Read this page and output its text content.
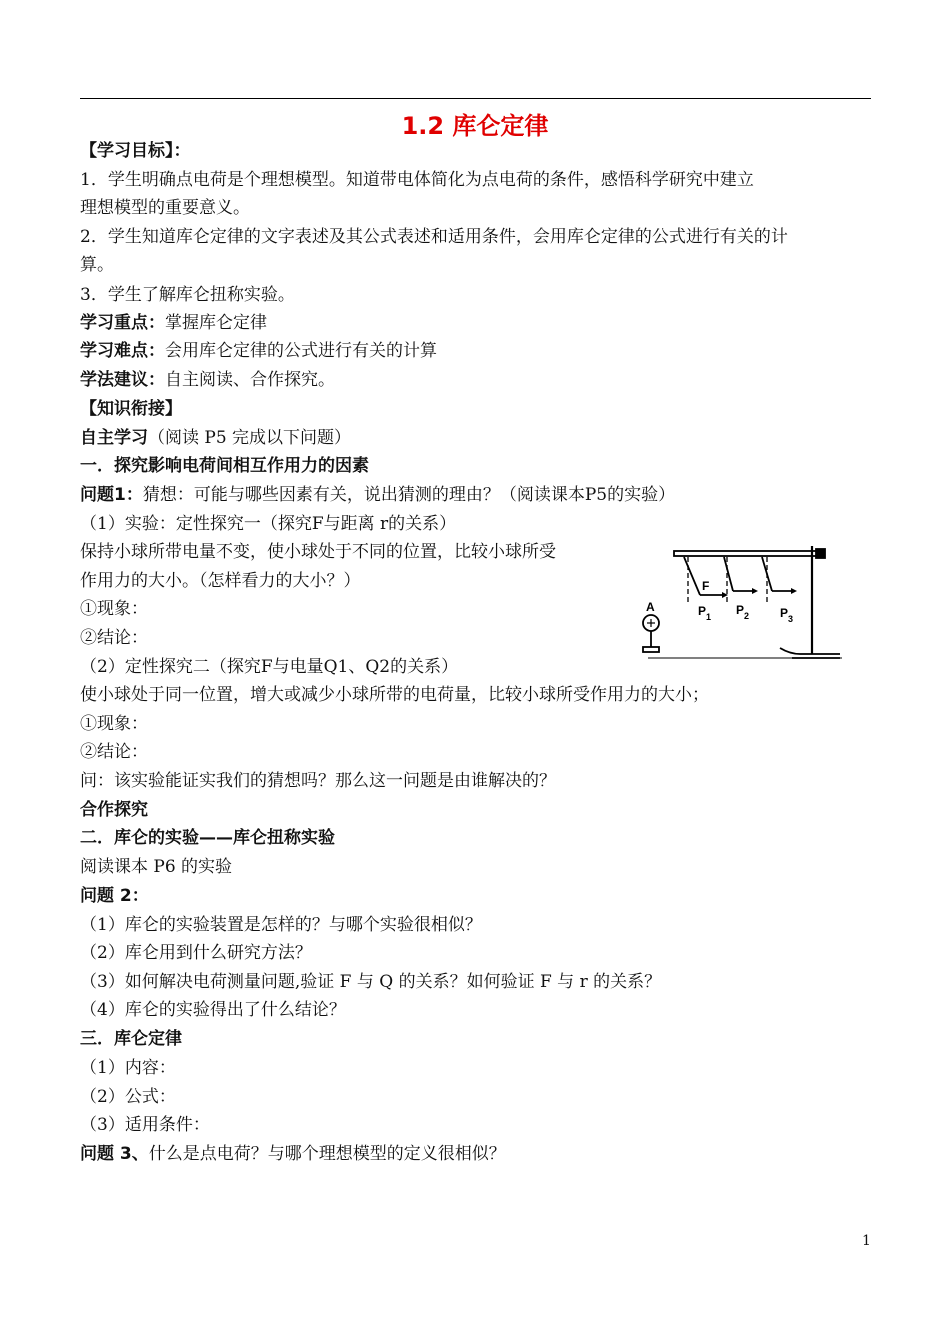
1.2 库仑定律
【学习目标】：
1．学生明确点电荷是个理想模型。知道带电体简化为点电荷的条件，感悟科学研究中建立
理想模型的重要意义。
2．学生知道库仑定律的文字表述及其公式表述和适用条件，会用库仑定律的公式进行有关的计
算。
3．学生了解库仑扭称实验。
学习重点：掌握库仑定律
学习难点：会用库仑定律的公式进行有关的计算
学法建议：自主阅读、合作探究。
【知识衔接】
自主学习（阅读 P5 完成以下问题）
一．探究影响电荷间相互作用力的因素
问题1：猜想：可能与哪些因素有关，说出猜测的理由？（阅读课本P5的实验）
（1）实验：定性探究一（探究F与距离 r的关系）
保持小球所带电量不变，使小球处于不同的位置，比较小球所受
作用力的大小。（怎样看力的大小？）
①现象：
②结论：
（2）定性探究二（探究F与电量Q1、Q2的关系）
使小球处于同一位置，增大或减少小球所带的电荷量，比较小球所受作用力的大小；
①现象：
②结论：
问：该实验能证实我们的猜想吗？那么这一问题是由谁解决的？
合作探究
二．库仑的实验——库仑扭称实验
阅读课本 P6 的实验
问题 2：
（1）库仑的实验装置是怎样的？与哪个实验很相似？
（2）库仑用到什么研究方法？
（3）如何解决电荷测量问题,验证 F 与 Q 的关系？如何验证 F 与 r 的关系？
（4）库仑的实验得出了什么结论？
三．库仑定律
（1）内容：
（2）公式：
（3）适用条件：
问题 3、什么是点电荷？与哪个理想模型的定义很相似？
A
F
P 1 P 2	P 3
1
